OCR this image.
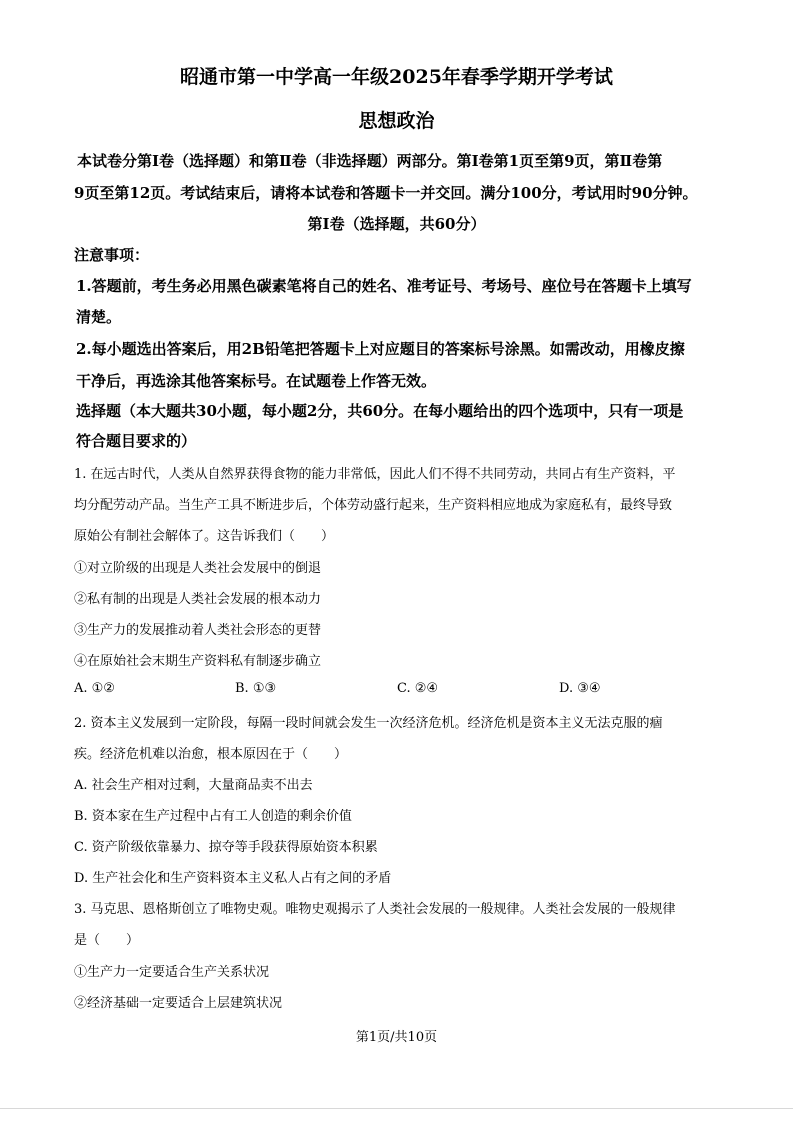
昭通市第一中学高一年级2025年春季学期开学考试
思想政治
本试卷分第Ⅰ卷（选择题）和第Ⅱ卷（非选择题）两部分。第Ⅰ卷第1页至第9页，第Ⅱ卷第
9页至第12页。考试结束后，请将本试卷和答题卡一并交回。满分100分，考试用时90分钟。
第Ⅰ卷（选择题，共60分）
注意事项：
1.答题前，考生务必用黑色碳素笔将自己的姓名、准考证号、考场号、座位号在答题卡上填写
清楚。
2.每小题选出答案后，用2B铅笔把答题卡上对应题目的答案标号涂黑。如需改动，用橡皮擦
干净后，再选涂其他答案标号。在试题卷上作答无效。
选择题（本大题共30小题，每小题2分，共60分。在每小题给出的四个选项中，只有一项是
符合题目要求的）
1. 在远古时代，人类从自然界获得食物的能力非常低，因此人们不得不共同劳动，共同占有生产资料，平
均分配劳动产品。当生产工具不断进步后，个体劳动盛行起来，生产资料相应地成为家庭私有，最终导致
原始公有制社会解体了。这告诉我们（　　）
①对立阶级的出现是人类社会发展中的倒退
②私有制的出现是人类社会发展的根本动力
③生产力的发展推动着人类社会形态的更替
④在原始社会末期生产资料私有制逐步确立
A. ①②	B. ①③	C. ②④	D. ③④
2. 资本主义发展到一定阶段，每隔一段时间就会发生一次经济危机。经济危机是资本主义无法克服的痼
疾。经济危机难以治愈，根本原因在于（　　）
A. 社会生产相对过剩，大量商品卖不出去
B. 资本家在生产过程中占有工人创造的剩余价值
C. 资产阶级依靠暴力、掠夺等手段获得原始资本积累
D. 生产社会化和生产资料资本主义私人占有之间的矛盾
3. 马克思、恩格斯创立了唯物史观。唯物史观揭示了人类社会发展的一般规律。人类社会发展的一般规律
是（　　）
①生产力一定要适合生产关系状况
②经济基础一定要适合上层建筑状况
第1页/共10页
